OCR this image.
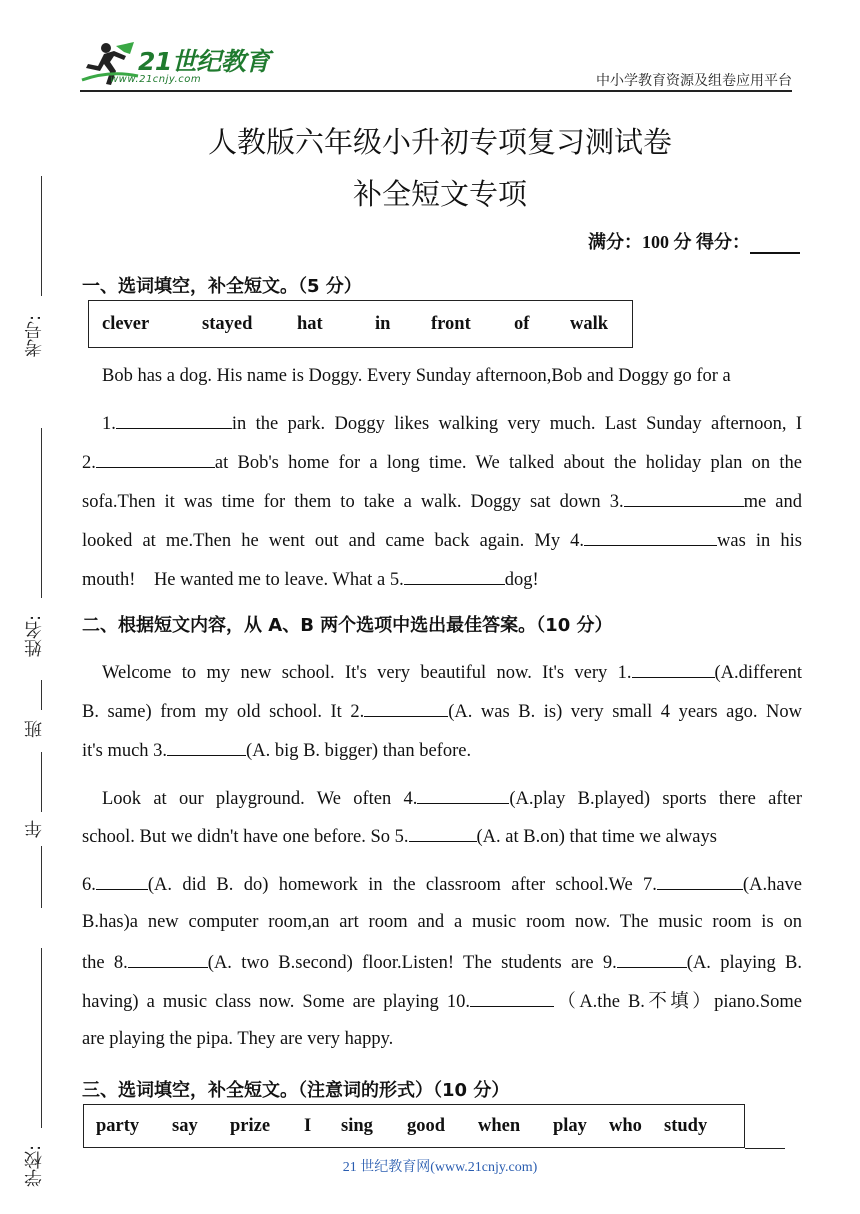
21世纪教育
www.21cnjy.com	中小学教育资源及组卷应用平台
人教版六年级小升初专项复习测试卷
补全短文专项
满分：100 分 得分：
考号:
姓名:
班
年
学校:
一、选词填空，补全短文。（5 分）
clever	stayed	hat	in	front	of	walk
Bob has a dog. His name is Doggy. Every Sunday afternoon,Bob and Doggy go for a
1.	in the park. Doggy likes walking very much. Last Sunday afternoon, I
2.	at Bob's home for a long time. We talked about the holiday plan on the
sofa.Then it was time for them to take a walk. Doggy sat down 3.	me and
looked at me.Then he went out and came back again. My 4.	was in his
mouth!    He wanted me to leave. What a 5.	dog!
二、根据短文内容，从 A、B 两个选项中选出最佳答案。（10 分）
Welcome to my new school. It's very beautiful now. It's very 1.	(A.different
B. same) from my old school. It 2.	(A. was B. is) very small 4 years ago. Now
it's much 3.	(A. big B. bigger) than before.
Look at our playground. We often 4.	(A.play B.played) sports there after
school. But we didn't have one before. So 5.	(A. at B.on) that time we always
6.	(A. did B. do) homework in the classroom after school.We 7.	(A.have
B.has)a new computer room,an art room and a music room now. The music room is on
the 8.	(A. two B.second) floor.Listen! The students are 9.	(A. playing B.
having) a music class now. Some are playing 10.	（A.the B.不填）piano.Some
are playing the pipa. They are very happy.
三、选词填空，补全短文。（注意词的形式）（10 分）
party	say	prize	I	sing	good	when	play	who	study
21 世纪教育网(www.21cnjy.com)
